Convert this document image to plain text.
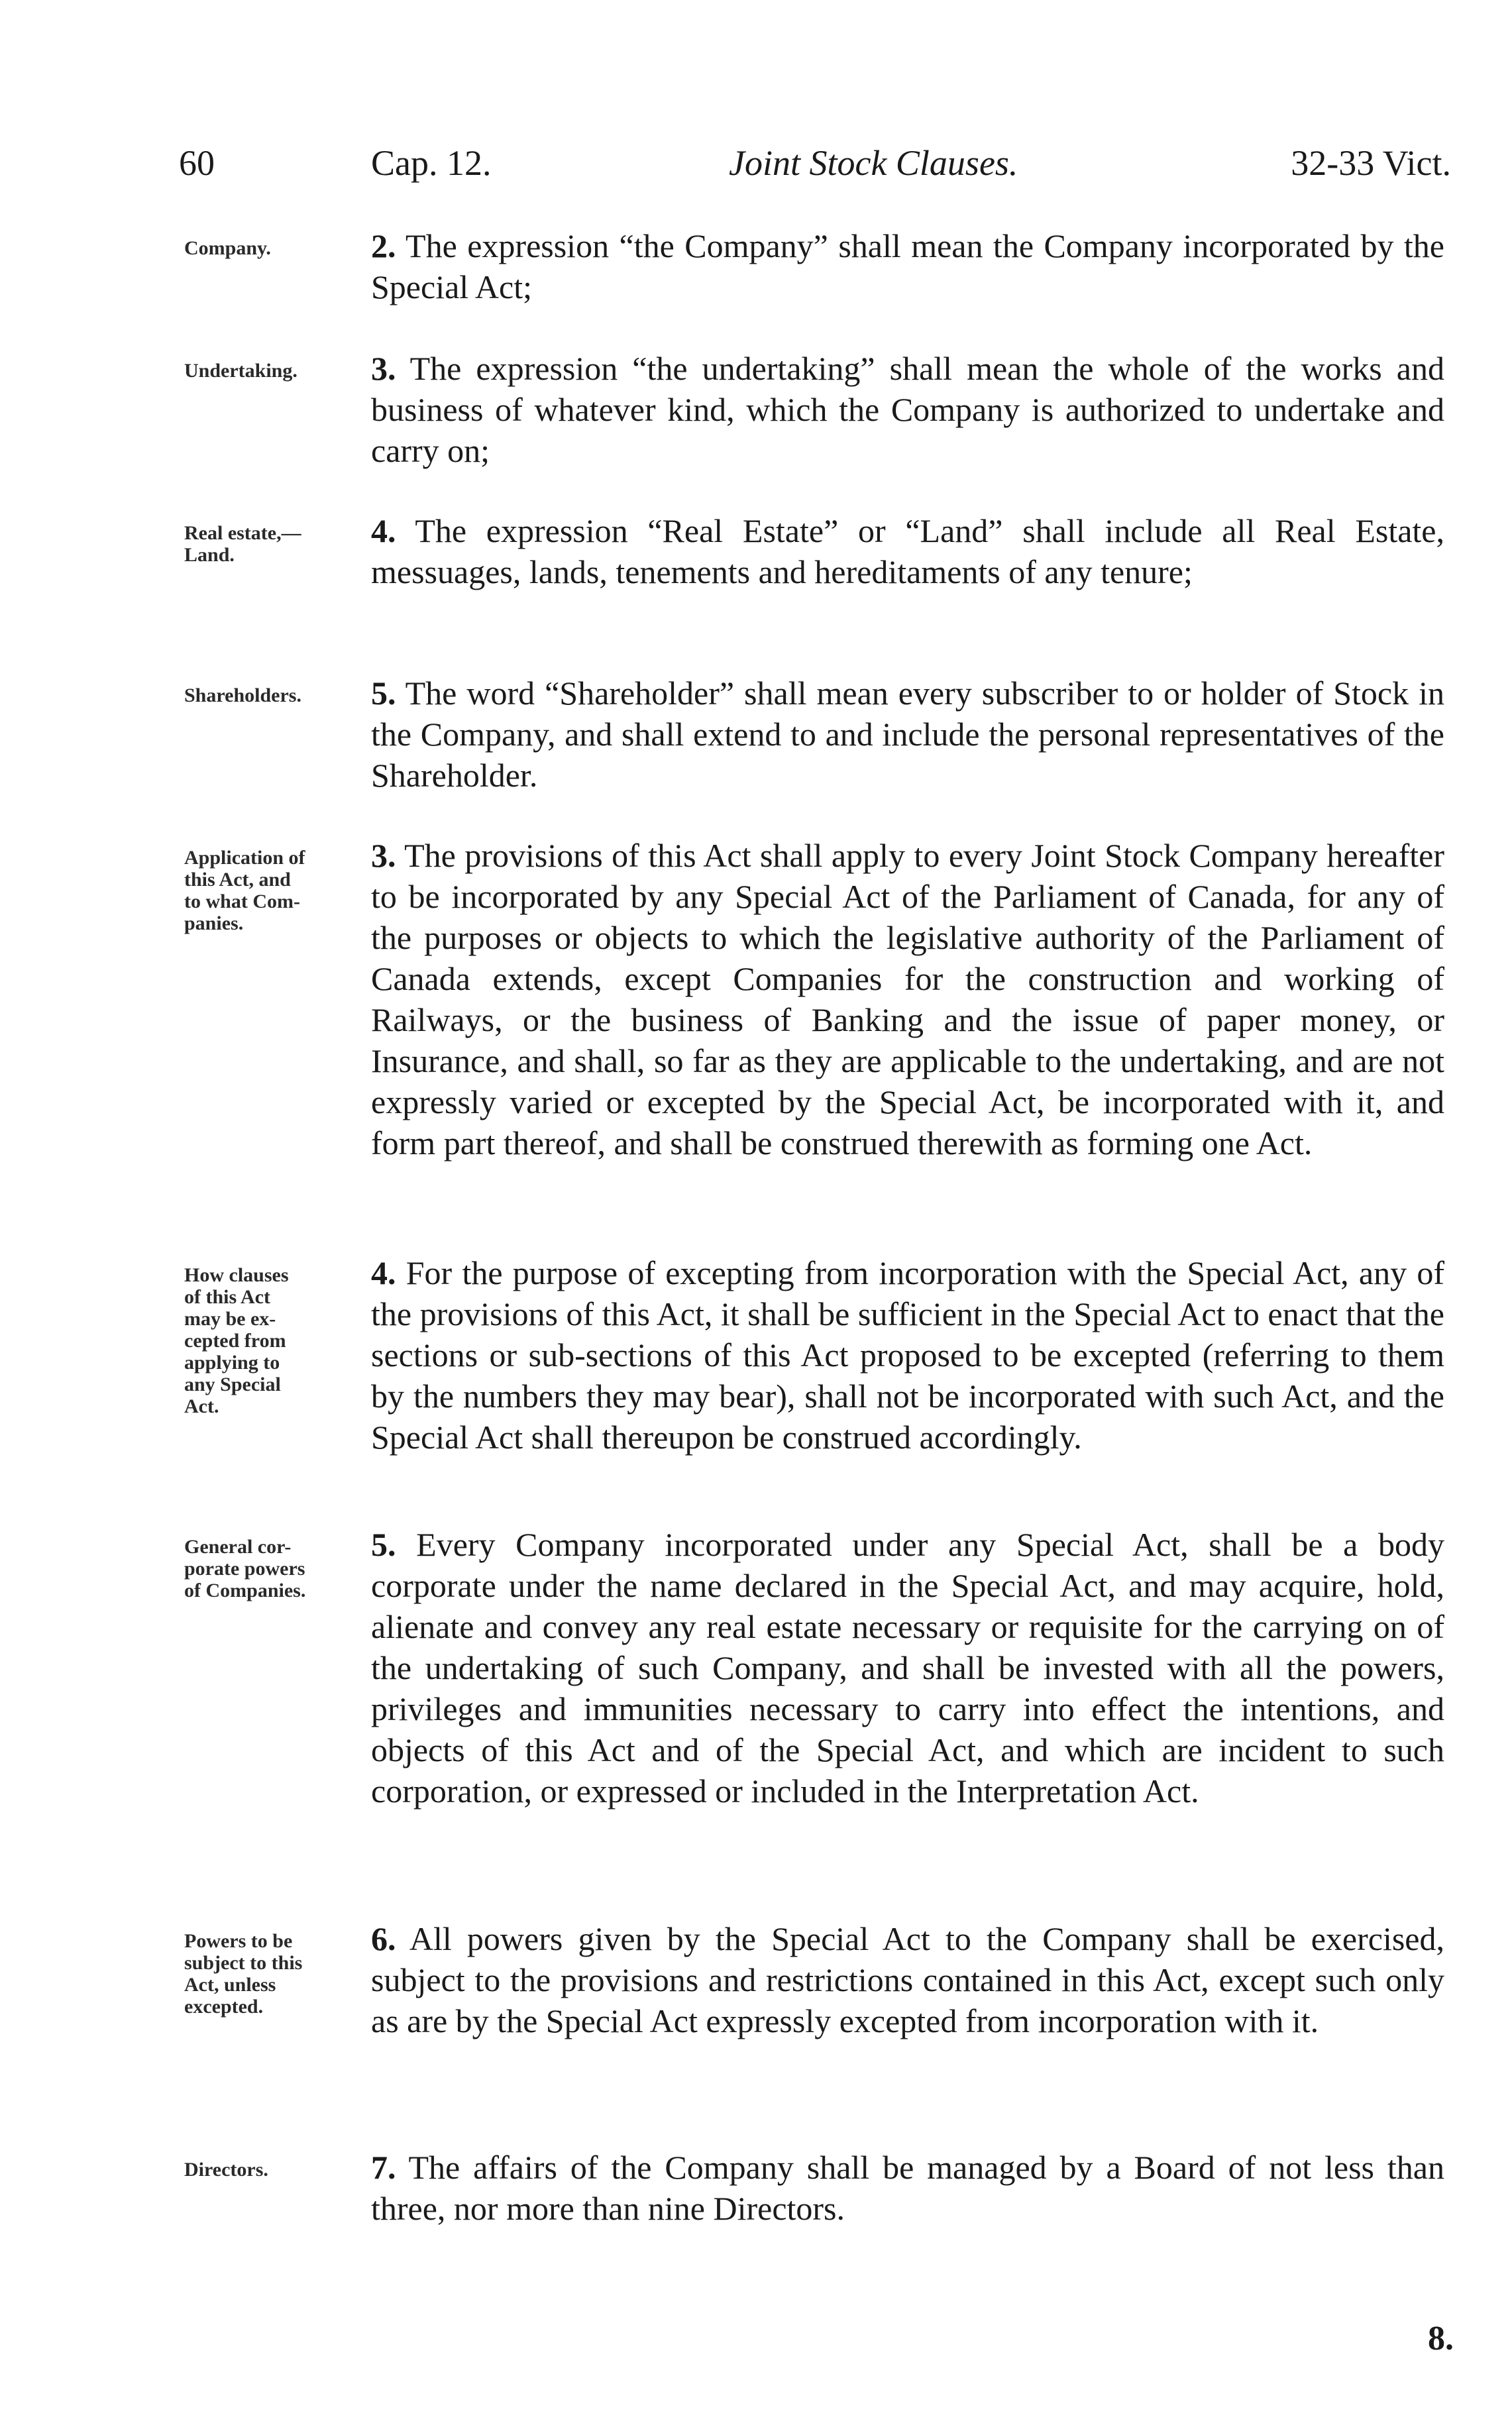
60	Cap. 12.	Joint Stock Clauses.	32-33 Vict.
Company.	2. The expression “the Company” shall mean the Company incorporated by the Special Act;
Undertaking.	3. The expression “the undertaking” shall mean the whole of the works and business of whatever kind, which the Company is authorized to undertake and carry on;
Real estate,—
Land.
4. The expression “Real Estate” or “Land” shall include all Real Estate, messuages, lands, tenements and hereditaments of any tenure;
Shareholders.	5. The word “Shareholder” shall mean every subscriber to or holder of Stock in the Company, and shall extend to and include the personal representatives of the Shareholder.
Application of
this Act, and
to what Com-
panies.
3. The provisions of this Act shall apply to every Joint Stock Company hereafter to be incorporated by any Special Act of the Parliament of Canada, for any of the purposes or objects to which the legislative authority of the Parliament of Canada extends, except Companies for the construction and working of Railways, or the business of Banking and the issue of paper money, or Insurance, and shall, so far as they are applicable to the undertaking, and are not expressly varied or excepted by the Special Act, be incorporated with it, and form part thereof, and shall be construed therewith as forming one Act.
How clauses
of this Act
may be ex-
cepted from
applying to
any Special
Act.
4. For the purpose of excepting from incorporation with the Special Act, any of the provisions of this Act, it shall be sufficient in the Special Act to enact that the sections or sub-sections of this Act proposed to be excepted (referring to them by the numbers they may bear), shall not be incorporated with such Act, and the Special Act shall thereupon be construed accordingly.
General cor-
porate powers
of Companies.
5. Every Company incorporated under any Special Act, shall be a body corporate under the name declared in the Special Act, and may acquire, hold, alienate and convey any real estate necessary or requisite for the carrying on of the undertaking of such Company, and shall be invested with all the powers, privileges and immunities necessary to carry into effect the intentions, and objects of this Act and of the Special Act, and which are incident to such corporation, or expressed or included in the Interpretation Act.
Powers to be
subject to this
Act, unless
excepted.
6. All powers given by the Special Act to the Company shall be exercised, subject to the provisions and restrictions contained in this Act, except such only as are by the Special Act expressly excepted from incorporation with it.
Directors.	7. The affairs of the Company shall be managed by a Board of not less than three, nor more than nine Directors.
8.
